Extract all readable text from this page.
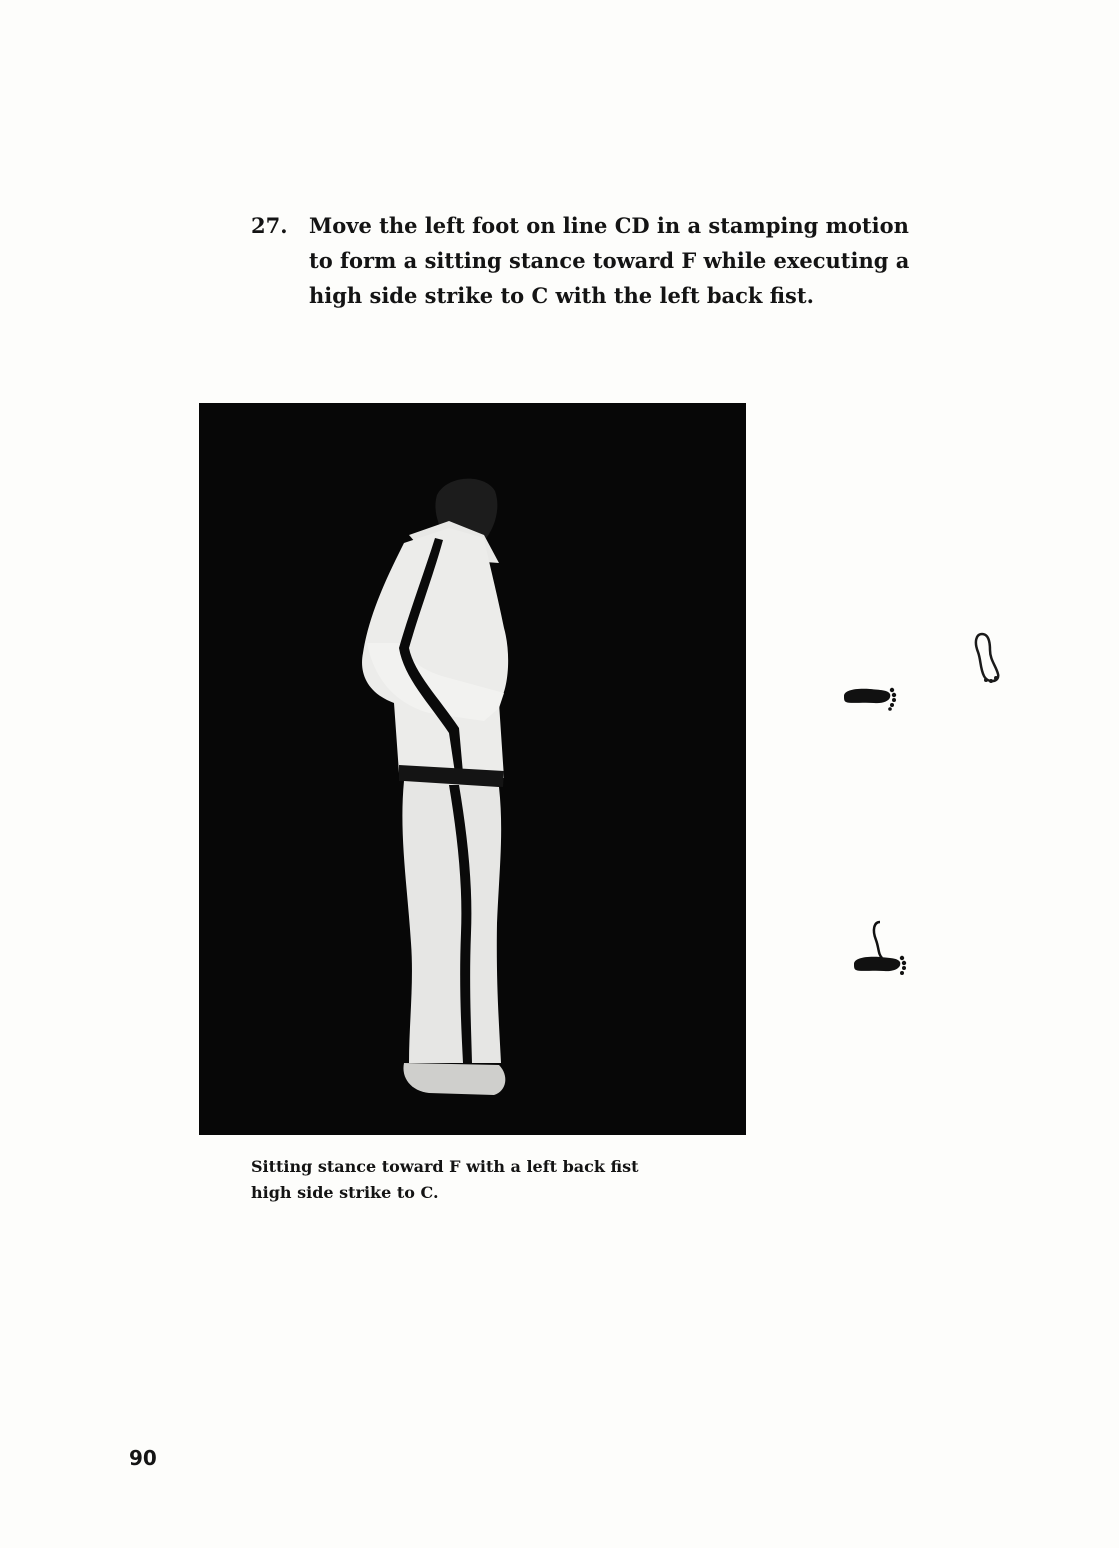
27.	Move the left foot on line CD in a stamping motion
to form a sitting stance toward F while executing a
high side strike to C with the left back fist.
Sitting stance toward F with a left back fist
high side strike to C.
90
